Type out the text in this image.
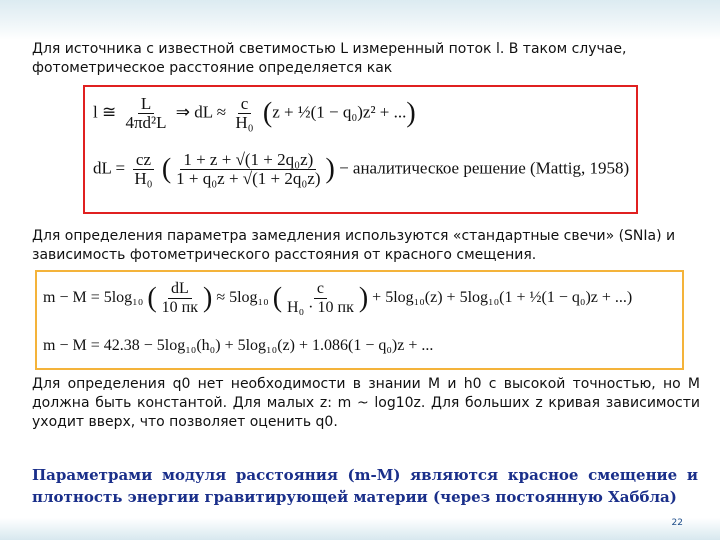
Для источника с известной светимостью L измеренный поток l. В таком случае,
фотометрическое расстояние определяется как
l ≅ $\frac{L}{\text{4πd²L}}$ ⇒ dL ≈ $\frac{c}{\text{H₀}} (z$ + ½(1 − q₀)z² + ...)
dL = $\frac{cz}{\text{H₀}}$ ( $\frac{\text{1 + z + √(1 + 2q₀z)}}{\text{1 + q₀z + √(1 + 2q₀z)}}$ ) − аналитическое решение (Mattig, 1958)
Для определения параметра замедления используются «стандартные свечи» (SNIa) и
зависимость фотометрического расстояния от красного смещения.
m − M = 5log₁₀ ( $\frac{dL}{10 пк}$ ) ≈ 5log₁₀ ( $\frac{c}{\text{H₀ · 10 пк}}$ ) + 5log₁₀(z) + 5log₁₀(1 + ½(1 − q₀)z + ...)
m − M = 42.38 − 5log₁₀(h₀) + 5log₁₀(z) + 1.086(1 − q₀)z + ...
Для определения q0 нет необходимости в знании M и h0 с высокой точностью, но M должна быть константой. Для малых z: m ~ log10z. Для больших z кривая зависимости уходит вверх, что позволяет оценить q0.
Параметрами модуля расстояния (m-M) являются красное смещение и плотность энергии гравитирующей материи (через постоянную Хаббла)
22
